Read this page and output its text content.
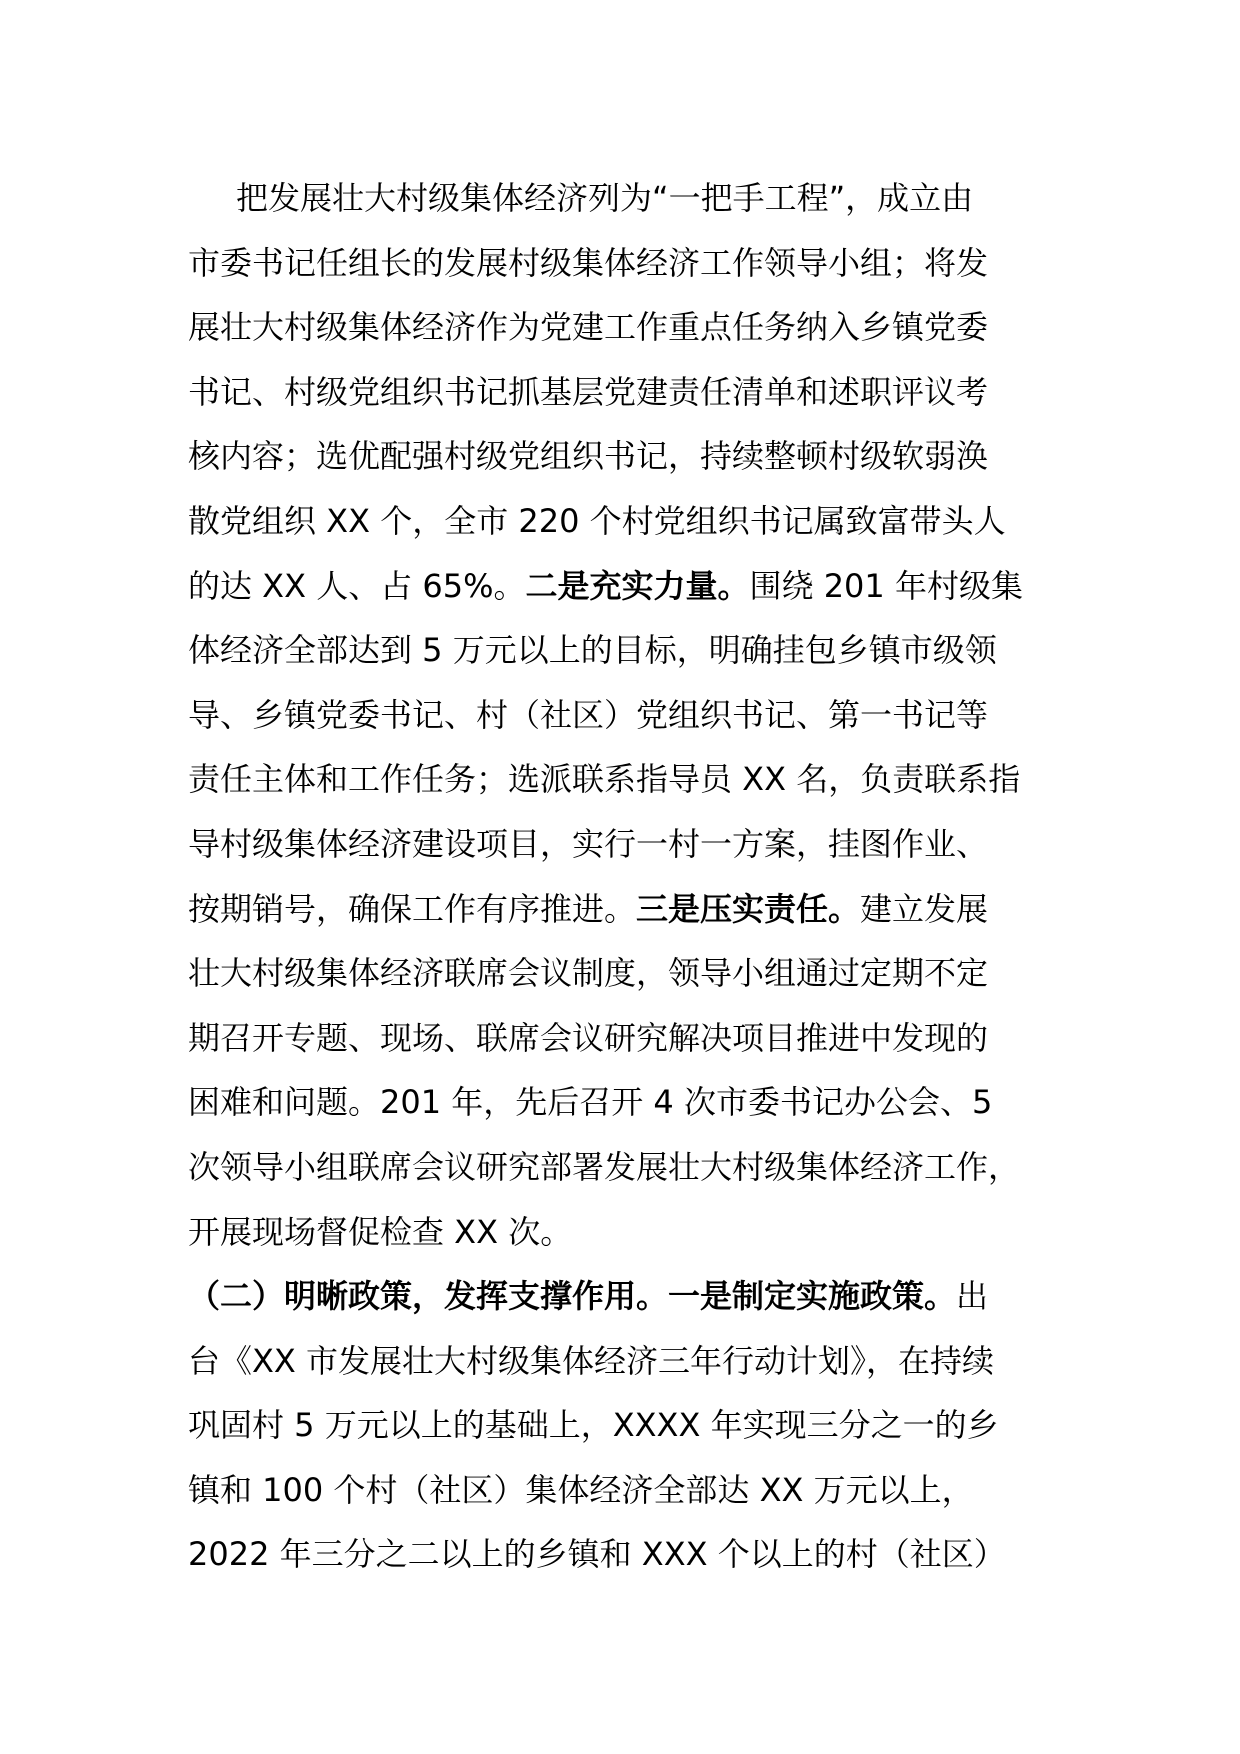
把发展壮大村级集体经济列为“一把手工程”，成立由
市委书记任组长的发展村级集体经济工作领导小组；将发
展壮大村级集体经济作为党建工作重点任务纳入乡镇党委
书记、村级党组织书记抓基层党建责任清单和述职评议考
核内容；选优配强村级党组织书记，持续整顿村级软弱涣
散党组织 XX 个，全市 220 个村党组织书记属致富带头人
的达 XX 人、占 65%。二是充实力量。围绕 201 年村级集
体经济全部达到 5 万元以上的目标，明确挂包乡镇市级领
导、乡镇党委书记、村（社区）党组织书记、第一书记等
责任主体和工作任务；选派联系指导员 XX 名，负责联系指
导村级集体经济建设项目，实行一村一方案，挂图作业、
按期销号，确保工作有序推进。三是压实责任。建立发展
壮大村级集体经济联席会议制度，领导小组通过定期不定
期召开专题、现场、联席会议研究解决项目推进中发现的
困难和问题。201 年，先后召开 4 次市委书记办公会、5
次领导小组联席会议研究部署发展壮大村级集体经济工作，
开展现场督促检查 XX 次。
（二）明晰政策，发挥支撑作用。一是制定实施政策。出
台《XX 市发展壮大村级集体经济三年行动计划》，在持续
巩固村 5 万元以上的基础上，XXXX 年实现三分之一的乡
镇和 100 个村（社区）集体经济全部达 XX 万元以上，
2022 年三分之二以上的乡镇和 XXX 个以上的村（社区）
